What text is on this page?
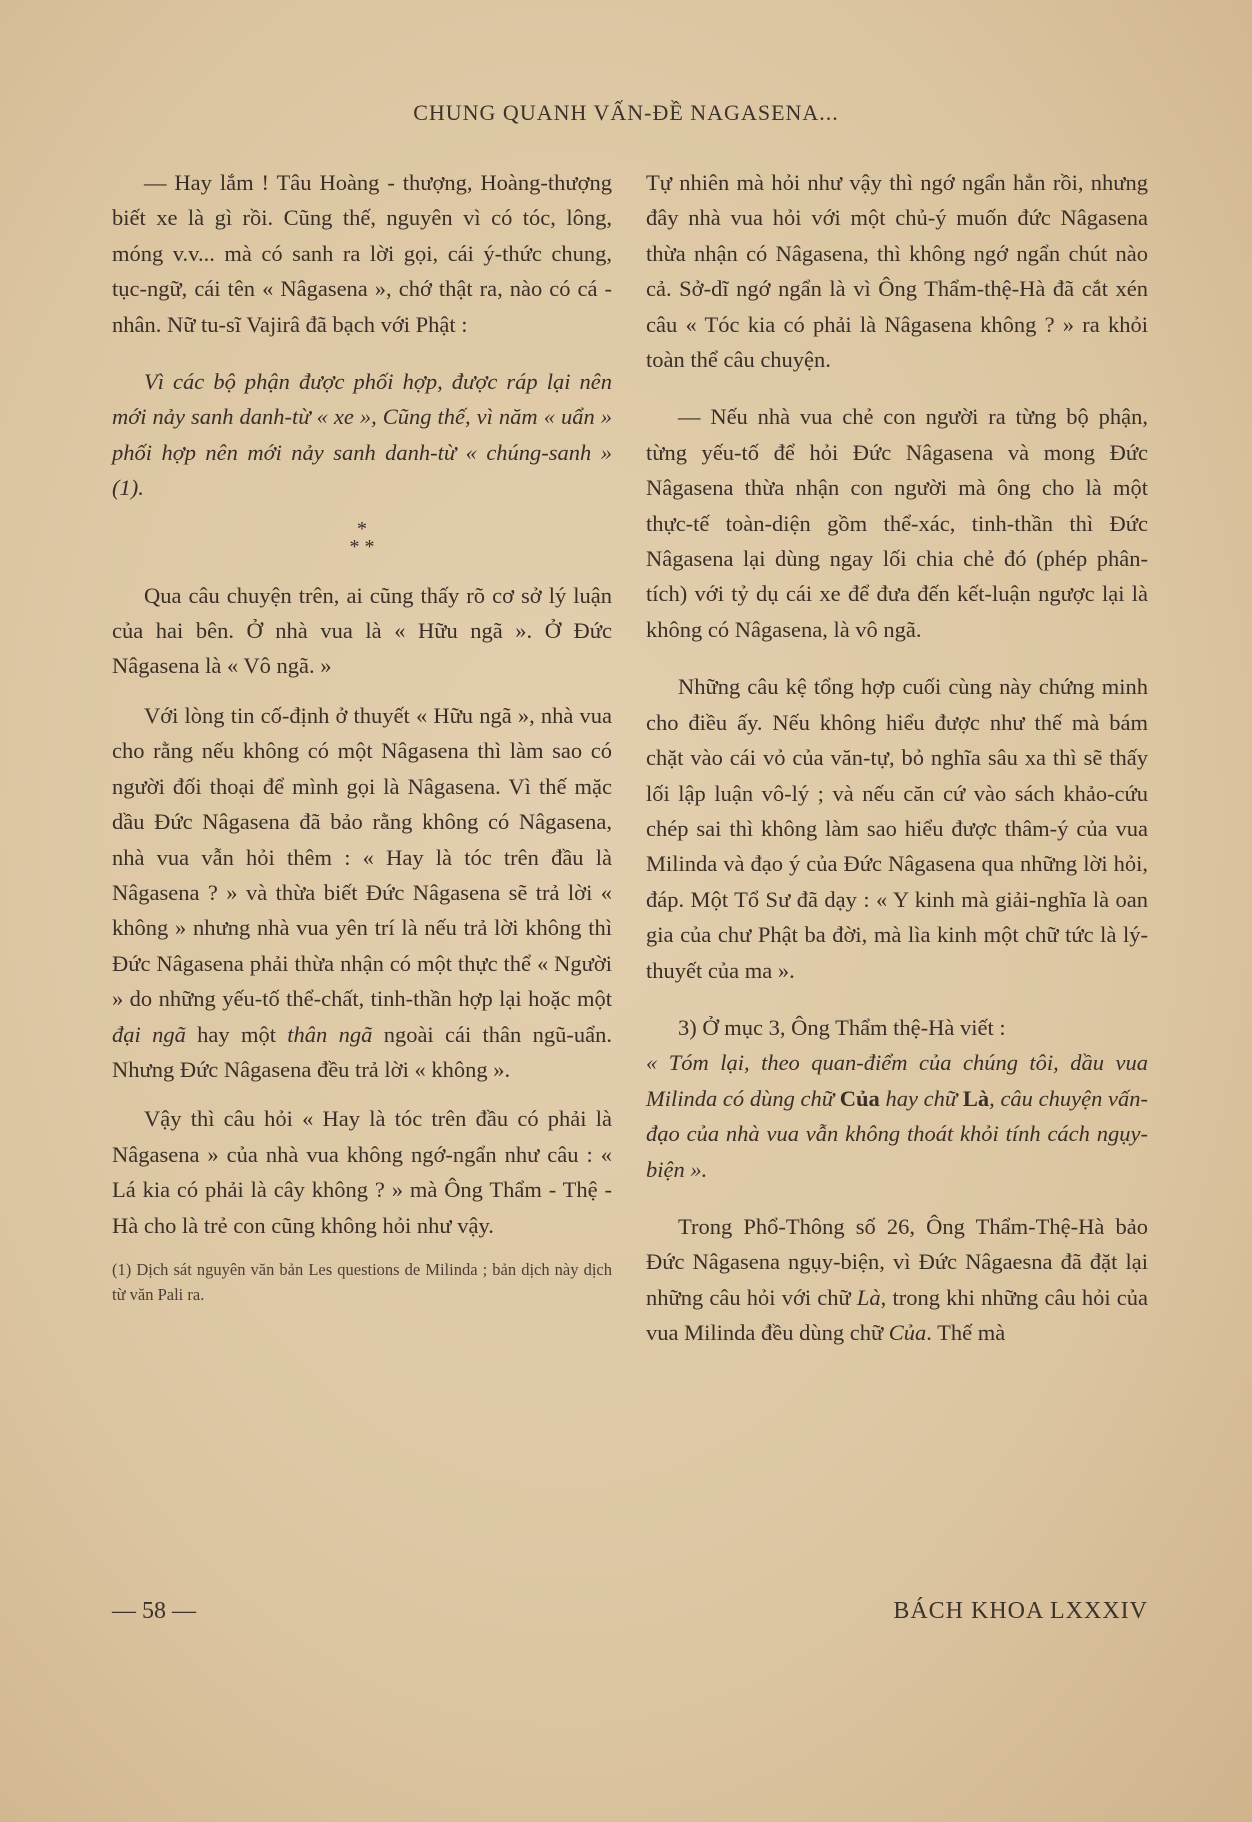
CHUNG QUANH VẤN-ĐỀ NAGASENA...

— Hay lắm ! Tâu Hoàng - thượng, Hoàng-thượng biết xe là gì rồi. Cũng thế, nguyên vì có tóc, lông, móng v.v... mà có sanh ra lời gọi, cái ý-thức chung, tục-ngữ, cái tên « Nâgasena », chớ thật ra, nào có cá - nhân. Nữ tu-sĩ Vajirâ đã bạch với Phật :

Vì các bộ phận được phối hợp, được ráp lại nên mới nảy sanh danh-từ « xe », Cũng thế, vì năm « uẩn » phối hợp nên mới nảy sanh danh-từ « chúng-sanh » (1).

*
* *

Qua câu chuyện trên, ai cũng thấy rõ cơ sở lý luận của hai bên. Ở nhà vua là « Hữu ngã ». Ở Đức Nâgasena là « Vô ngã. »

Với lòng tin cố-định ở thuyết « Hữu ngã », nhà vua cho rằng nếu không có một Nâgasena thì làm sao có người đối thoại để mình gọi là Nâgasena. Vì thế mặc dầu Đức Nâgasena đã bảo rằng không có Nâgasena, nhà vua vẫn hỏi thêm : « Hay là tóc trên đầu là Nâgasena ? » và thừa biết Đức Nâgasena sẽ trả lời « không » nhưng nhà vua yên trí là nếu trả lời không thì Đức Nâgasena phải thừa nhận có một thực thể « Người » do những yếu-tố thể-chất, tinh-thần hợp lại hoặc một đại ngã hay một thân ngã ngoài cái thân ngũ-uẩn. Nhưng Đức Nâgasena đều trả lời « không ».

Vậy thì câu hỏi « Hay là tóc trên đầu có phải là Nâgasena » của nhà vua không ngớ-ngẩn như câu : « Lá kia có phải là cây không ? » mà Ông Thẩm - Thệ - Hà cho là trẻ con cũng không hỏi như vậy.

(1) Dịch sát nguyên văn bản Les questions de Milinda ; bản dịch này dịch từ văn Pali ra.

Tự nhiên mà hỏi như vậy thì ngớ ngẩn hẳn rồi, nhưng đây nhà vua hỏi với một chủ-ý muốn đức Nâgasena thừa nhận có Nâgasena, thì không ngớ ngẩn chút nào cả. Sở-dĩ ngớ ngẩn là vì Ông Thẩm-thệ-Hà đã cắt xén câu « Tóc kia có phải là Nâgasena không ? » ra khỏi toàn thể câu chuyện.

— Nếu nhà vua chẻ con người ra từng bộ phận, từng yếu-tố để hỏi Đức Nâgasena và mong Đức Nâgasena thừa nhận con người mà ông cho là một thực-tế toàn-diện gồm thể-xác, tinh-thần thì Đức Nâgasena lại dùng ngay lối chia chẻ đó (phép phân-tích) với tỷ dụ cái xe để đưa đến kết-luận ngược lại là không có Nâgasena, là vô ngã.

Những câu kệ tổng hợp cuối cùng này chứng minh cho điều ấy. Nếu không hiểu được như thế mà bám chặt vào cái vỏ của văn-tự, bỏ nghĩa sâu xa thì sẽ thấy lối lập luận vô-lý ; và nếu căn cứ vào sách khảo-cứu chép sai thì không làm sao hiểu được thâm-ý của vua Milinda và đạo ý của Đức Nâgasena qua những lời hỏi, đáp. Một Tổ Sư đã dạy : « Y kinh mà giải-nghĩa là oan gia của chư Phật ba đời, mà lìa kinh một chữ tức là lý-thuyết của ma ».

3) Ở mục 3, Ông Thẩm thệ-Hà viết :

« Tóm lại, theo quan-điểm của chúng tôi, dầu vua Milinda có dùng chữ Của hay chữ Là, câu chuyện vấn-đạo của nhà vua vẫn không thoát khỏi tính cách ngụy-biện ».

Trong Phổ-Thông số 26, Ông Thẩm-Thệ-Hà bảo Đức Nâgasena ngụy-biện, vì Đức Nâgaesna đã đặt lại những câu hỏi với chữ Là, trong khi những câu hỏi của vua Milinda đều dùng chữ Của. Thế mà

— 58 —	BÁCH KHOA LXXXIV
